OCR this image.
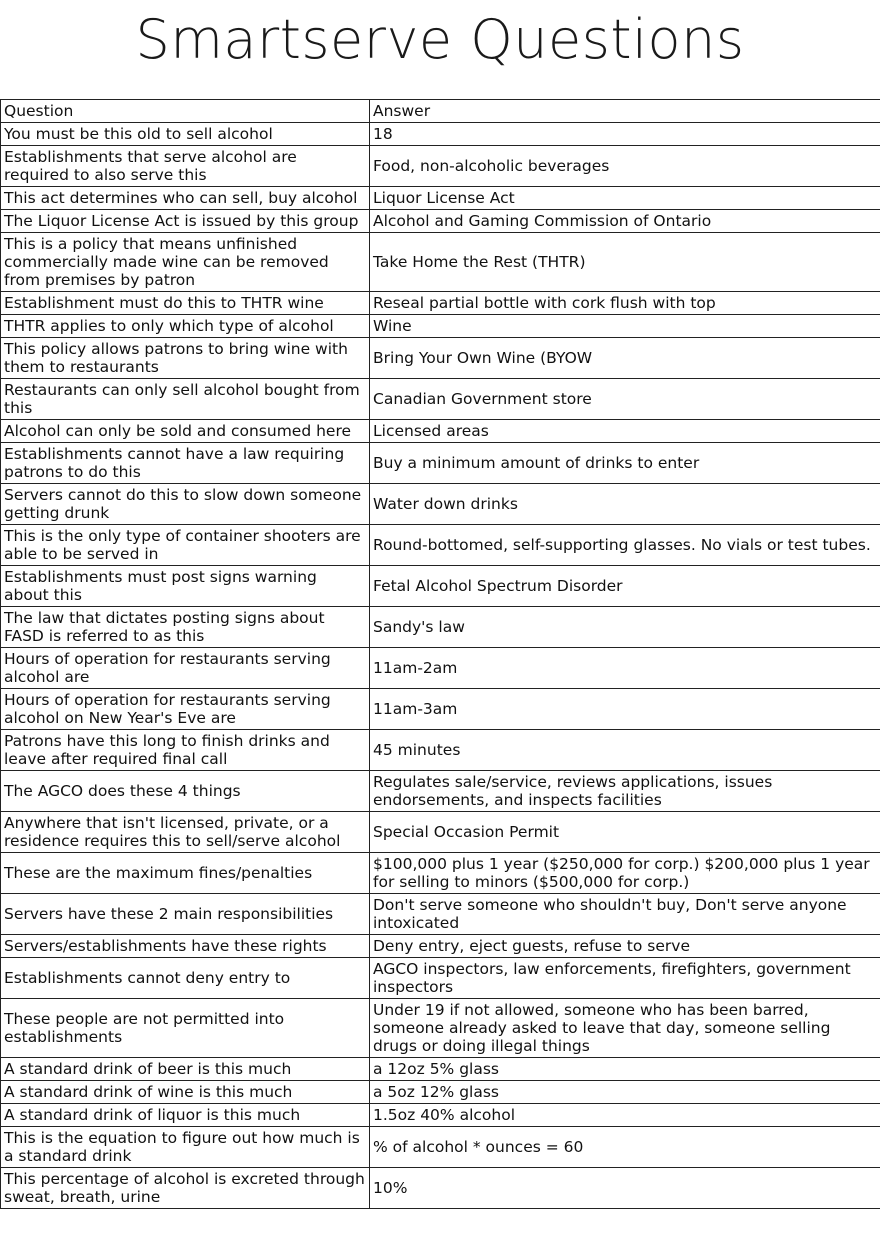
Smartserve Questions
Question	Answer
You must be this old to sell alcohol	18
Establishments that serve alcohol are required to also serve this	Food, non-alcoholic beverages
This act determines who can sell, buy alcohol	Liquor License Act
The Liquor License Act is issued by this group	Alcohol and Gaming Commission of Ontario
This is a policy that means unfinished commercially made wine can be removed from premises by patron	Take Home the Rest (THTR)
Establishment must do this to THTR wine	Reseal partial bottle with cork flush with top
THTR applies to only which type of alcohol	Wine
This policy allows patrons to bring wine with them to restaurants	Bring Your Own Wine (BYOW
Restaurants can only sell alcohol bought from this	Canadian Government store
Alcohol can only be sold and consumed here	Licensed areas
Establishments cannot have a law requiring patrons to do this	Buy a minimum amount of drinks to enter
Servers cannot do this to slow down someone getting drunk	Water down drinks
This is the only type of container shooters are able to be served in	Round-bottomed, self-supporting glasses. No vials or test tubes.
Establishments must post signs warning about this	Fetal Alcohol Spectrum Disorder
The law that dictates posting signs about FASD is referred to as this	Sandy's law
Hours of operation for restaurants serving alcohol are	11am-2am
Hours of operation for restaurants serving alcohol on New Year's Eve are	11am-3am
Patrons have this long to finish drinks and leave after required final call	45 minutes
The AGCO does these 4 things	Regulates sale/service, reviews applications, issues endorsements, and inspects facilities
Anywhere that isn't licensed, private, or a residence requires this to sell/serve alcohol	Special Occasion Permit
These are the maximum fines/penalties	$100,000 plus 1 year ($250,000 for corp.) $200,000 plus 1 year for selling to minors ($500,000 for corp.)
Servers have these 2 main responsibilities	Don't serve someone who shouldn't buy, Don't serve anyone intoxicated
Servers/establishments have these rights	Deny entry, eject guests, refuse to serve
Establishments cannot deny entry to	AGCO inspectors, law enforcements, firefighters, government inspectors
These people are not permitted into establishments	Under 19 if not allowed, someone who has been barred, someone already asked to leave that day, someone selling drugs or doing illegal things
A standard drink of beer is this much	a 12oz 5% glass
A standard drink of wine is this much	a 5oz 12% glass
A standard drink of liquor is this much	1.5oz 40% alcohol
This is the equation to figure out how much is a standard drink	% of alcohol * ounces = 60
This percentage of alcohol is excreted through sweat, breath, urine	10%
